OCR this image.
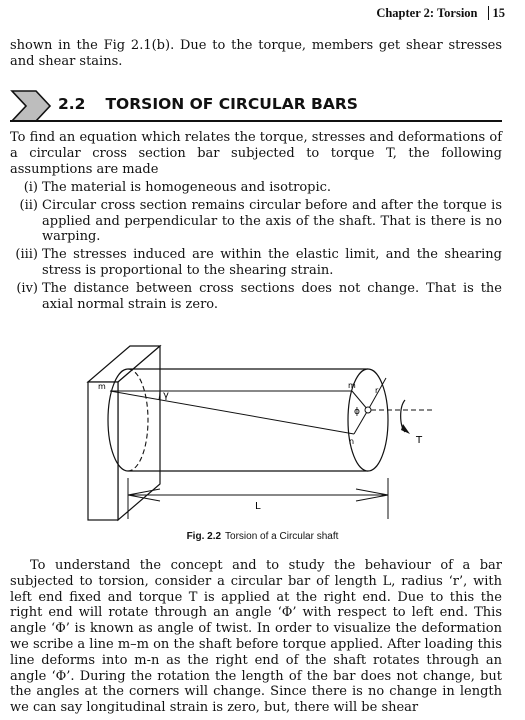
Chapter 2: Torsion 15
shown in the Fig 2.1(b). Due to the torque, members get shear stresses and shear stains.
2.2 TORSION OF CIRCULAR BARS
To find an equation which relates the torque, stresses and deformations of a circular cross section bar subjected to torque T, the following assumptions are made
(i) The material is homogeneous and isotropic.
(ii) Circular cross section remains circular before and after the torque is applied and perpendicular to the axis of the shaft. That is there is no warping.
(iii) The stresses induced are within the elastic limit, and the shearing stress is proportional to the shearing strain.
(iv) The distance between cross sections does not change. That is the axial normal strain is zero.
m
γ
m
n
ϕ
r
T
L
Fig. 2.2 Torsion of a Circular shaft
To understand the concept and to study the behaviour of a bar subjected to torsion, consider a circular bar of length L, radius ‘r’, with left end fixed and torque T is applied at the right end. Due to this the right end will rotate through an angle ‘Φ’ with respect to left end. This angle ‘Φ’ is known as angle of twist. In order to visualize the deformation we scribe a line m–m on the shaft before torque applied. After loading this line deforms into m-n as the right end of the shaft rotates through an angle ‘Φ’. During the rotation the length of the bar does not change, but the angles at the corners will change. Since there is no change in length we can say longitudinal strain is zero, but, there will be shear
